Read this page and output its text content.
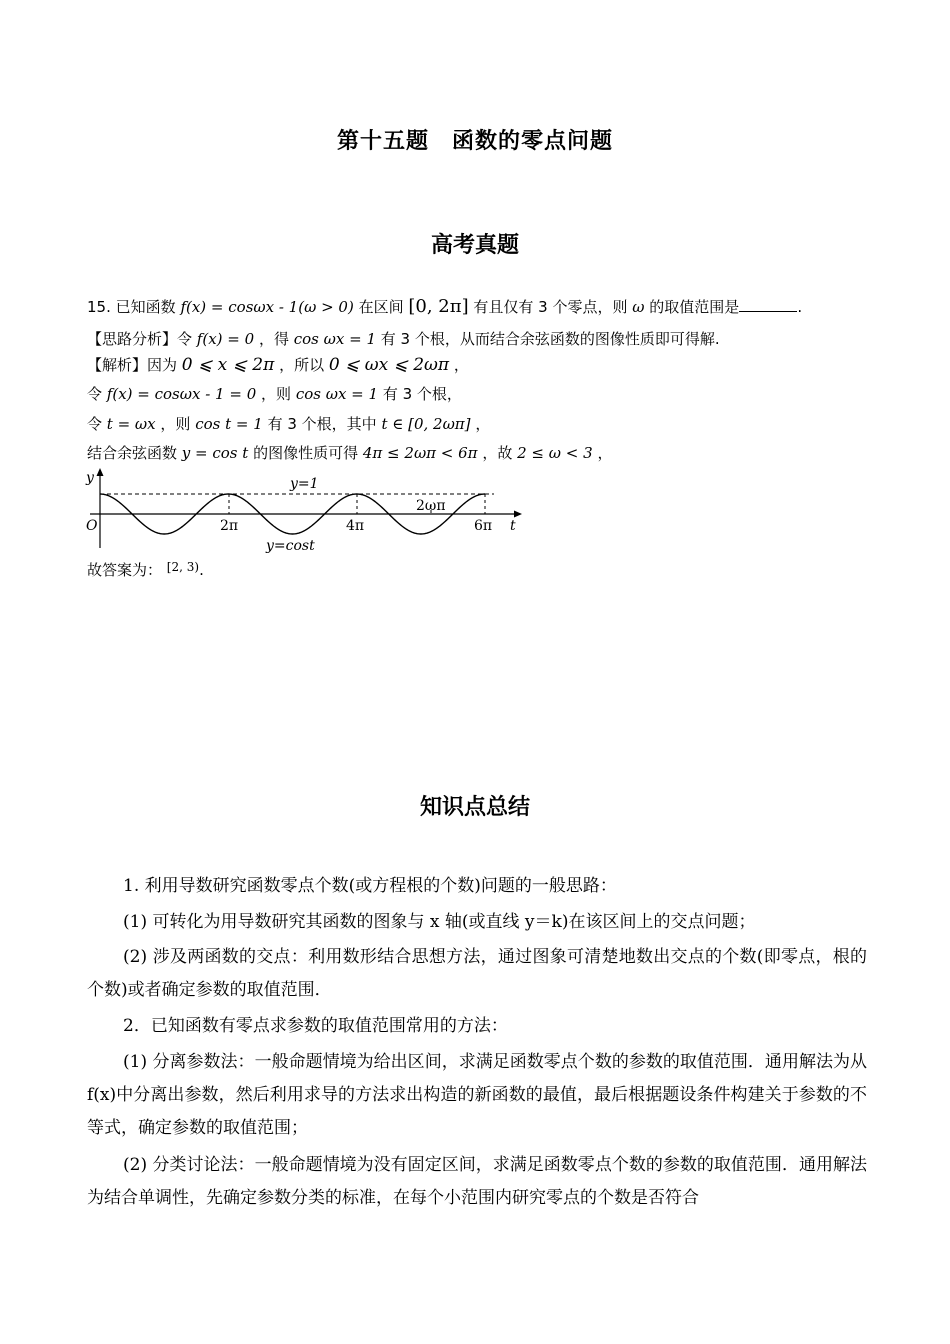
第十五题　函数的零点问题
高考真题
15. 已知函数 f(x) = cosωx - 1(ω > 0) 在区间 [0, 2π] 有且仅有 3 个零点，则 ω 的取值范围是	.
【思路分析】令 f(x) = 0 ，得 cos ωx = 1 有 3 个根，从而结合余弦函数的图像性质即可得解.
【解析】因为 0 ⩽ x ⩽ 2π ，所以 0 ⩽ ωx ⩽ 2ωπ ，
令 f(x) = cosωx - 1 = 0 ，则 cos ωx = 1 有 3 个根，
令 t = ωx ，则 cos t = 1 有 3 个根，其中 t ∈ [0, 2ωπ] ，
结合余弦函数 y = cos t 的图像性质可得 4π ≤ 2ωπ < 6π ，故 2 ≤ ω < 3 ，
y
t
O
y=1
2π	4π	6π
2ωπ
y=cost
故答案为： $^{[2, 3)}$.
知识点总结
1. 利用导数研究函数零点个数(或方程根的个数)问题的一般思路：
(1) 可转化为用导数研究其函数的图象与 x 轴(或直线 y＝k)在该区间上的交点问题；
(2) 涉及两函数的交点：利用数形结合思想方法，通过图象可清楚地数出交点的个数(即零点，根的个数)或者确定参数的取值范围．
2．已知函数有零点求参数的取值范围常用的方法：
(1) 分离参数法：一般命题情境为给出区间，求满足函数零点个数的参数的取值范围．通用解法为从 f(x)中分离出参数，然后利用求导的方法求出构造的新函数的最值，最后根据题设条件构建关于参数的不等式，确定参数的取值范围；
(2) 分类讨论法：一般命题情境为没有固定区间，求满足函数零点个数的参数的取值范围．通用解法为结合单调性，先确定参数分类的标准，在每个小范围内研究零点的个数是否符合
